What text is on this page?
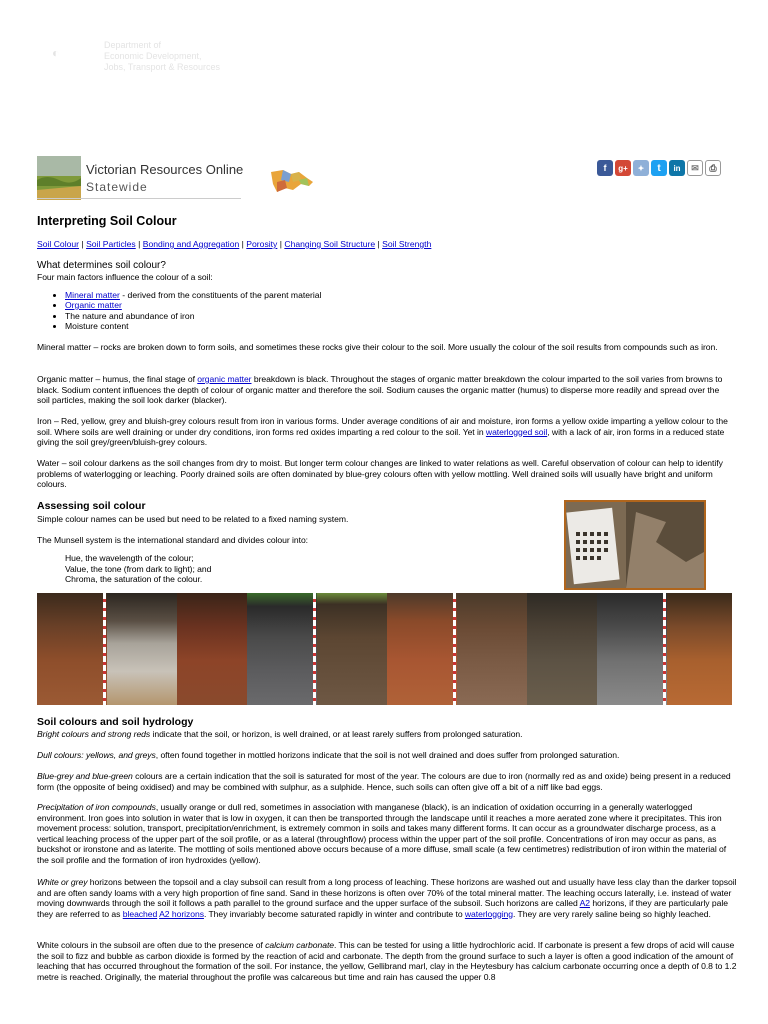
◐
Department of
Economic Development,
Jobs, Transport & Resources
Victorian Resources Online
Statewide
f	g+	✦	t	in	✉	⎙
Interpreting Soil Colour
Soil Colour | Soil Particles | Bonding and Aggregation | Porosity | Changing Soil Structure | Soil Strength
What determines soil colour?
Four main factors influence the colour of a soil:
• Mineral matter - derived from the constituents of the parent material
• Organic matter
• The nature and abundance of iron
• Moisture content

Mineral matter – rocks are broken down to form soils, and sometimes these rocks give their colour to the soil. More usually the colour of the soil results from compounds such as iron.

Organic matter – humus, the final stage of organic matter breakdown is black. Throughout the stages of organic matter breakdown the colour imparted to the soil varies from browns to black. Sodium content influences the depth of colour of organic matter and therefore the soil. Sodium causes the organic matter (humus) to disperse more readily and spread over the soil particles, making the soil look darker (blacker).

Iron – Red, yellow, grey and bluish-grey colours result from iron in various forms. Under average conditions of air and moisture, iron forms a yellow oxide imparting a yellow colour to the soil. Where soils are well draining or under dry conditions, iron forms red oxides imparting a red colour to the soil. Yet in waterlogged soil, with a lack of air, iron forms in a reduced state giving the soil grey/green/bluish-grey colours.

Water – soil colour darkens as the soil changes from dry to moist. But longer term colour changes are linked to water relations as well. Careful observation of colour can help to identify problems of waterlogging or leaching. Poorly drained soils are often dominated by blue-grey colours often with yellow mottling. Well drained soils will usually have bright and uniform colours.

Assessing soil colour

Simple colour names can be used but need to be related to a fixed naming system.

The Munsell system is the international standard and divides colour into:

Hue, the wavelength of the colour;
Value, the tone (from dark to light); and
Chroma, the saturation of the colour.
Soil colours and soil hydrology

Bright colours and strong reds indicate that the soil, or horizon, is well drained, or at least rarely suffers from prolonged saturation.

Dull colours: yellows, and greys, often found together in mottled horizons indicate that the soil is not well drained and does suffer from prolonged saturation.

Blue-grey and blue-green colours are a certain indication that the soil is saturated for most of the year. The colours are due to iron (normally red as and oxide) being present in a reduced form (the opposite of being oxidised) and may be combined with sulphur, as a sulphide. Hence, such soils can often give off a bit of a niff like bad eggs.

Precipitation of iron compounds, usually orange or dull red, sometimes in association with manganese (black), is an indication of oxidation occurring in a generally waterlogged environment. Iron goes into solution in water that is low in oxygen, it can then be transported through the landscape until it reaches a more aerated zone where it precipitates. This iron movement process: solution, transport, precipitation/enrichment, is extremely common in soils and takes many different forms. It can occur as a groundwater discharge process, as a vertical leaching process of the upper part of the soil profile, or as a lateral (throughflow) process within the upper part of the soil profile. Concentrations of iron may occur as pans, as buckshot or ironstone and as laterite. The mottling of soils mentioned above occurs because of a more diffuse, small scale (a few centimetres) redistribution of iron within the material of the soil profile and the formation of iron hydroxides (yellow).

White or grey horizons between the topsoil and a clay subsoil can result from a long process of leaching. These horizons are washed out and usually have less clay than the darker topsoil and are often sandy loams with a very high proportion of fine sand. Sand in these horizons is often over 70% of the total mineral matter. The leaching occurs laterally, i.e. instead of water moving downwards through the soil it follows a path parallel to the ground surface and the upper surface of the subsoil. Such horizons are called A2 horizons, if they are particularly pale they are referred to as bleached A2 horizons. They invariably become saturated rapidly in winter and contribute to waterlogging. They are very rarely saline being so highly leached.

White colours in the subsoil are often due to the presence of calcium carbonate. This can be tested for using a little hydrochloric acid. If carbonate is present a few drops of acid will cause the soil to fizz and bubble as carbon dioxide is formed by the reaction of acid and carbonate. The depth from the ground surface to such a layer is often a good indication of the amount of leaching that has occurred throughout the formation of the soil. For instance, the yellow, Gellibrand marl, clay in the Heytesbury has calcium carbonate occurring once a depth of 0.8 to 1.2 metre is reached. Originally, the material throughout the profile was calcareous but time and rain has caused the upper 0.8
